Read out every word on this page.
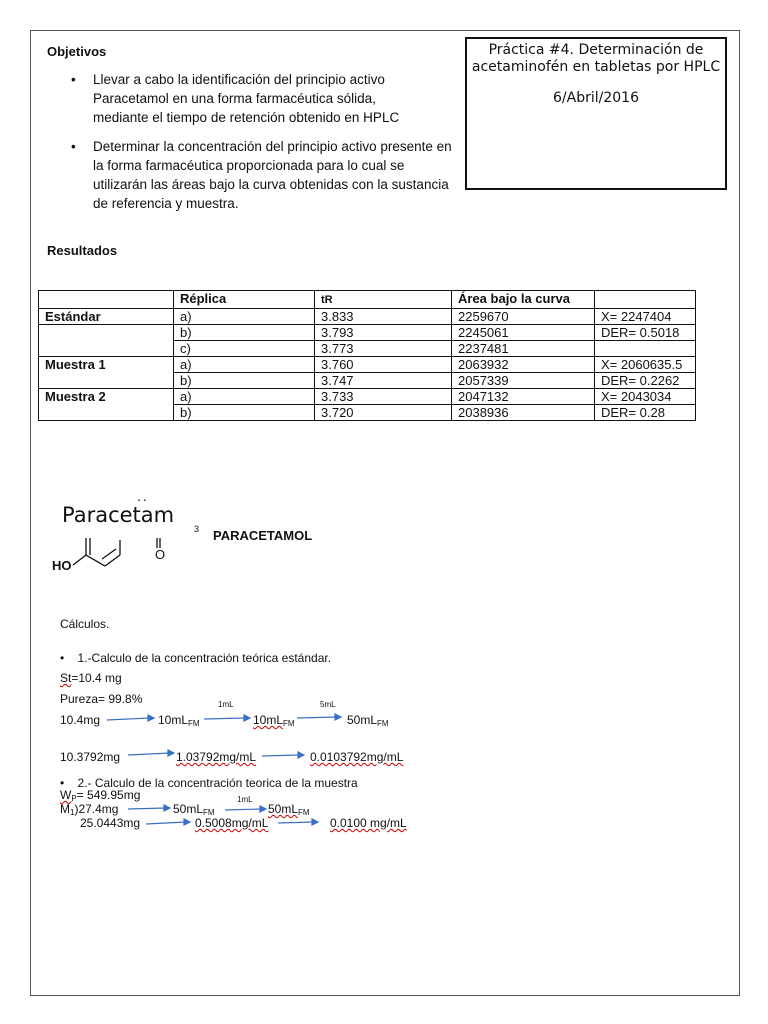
Práctica #4. Determinación de acetaminofén en tabletas por HPLC
6/Abril/2016
Objetivos
• Llevar a cabo la identificación del principio activo Paracetamol en una forma farmacéutica sólida, mediante el tiempo de retención obtenido en HPLC
• Determinar la concentración del principio activo presente en la forma farmacéutica proporcionada para lo cual se utilizarán las áreas bajo la curva obtenidas con la sustancia de referencia y muestra.
Resultados
	Réplica	tR	Área bajo la curva	
Estándar	a)	3.833	2259670	X= 2247404
	b)	3.793	2245061	DER= 0.5018
	c)	3.773	2237481	
Muestra 1	a)	3.760	2063932	X= 2060635.5
	b)	3.747	2057339	DER= 0.2262
Muestra 2	a)	3.733	2047132	X= 2043034
	b)	3.720	2038936	DER= 0.28
..
Paracetam
3 PARACETAMOL
HO
O
Cálculos.
•    1.-Calculo de la concentración teórica estándar.
St=10.4 mg
Pureza= 99.8%	1mL	5mL
10.4mg	$10mL_{FM}$	$10mL_{FM}$	$50mL_{FM}$
10.3792mg	1.03792mg/mL	0.0103792mg/mL
•    2.- Calculo de la concentración teorica de la muestra
$W_P= 549.95mg$	1mL
$M_1)27.4mg$	$50mL_{FM}$	$50mL_{FM}$
25.0443mg	0.5008mg/mL	0.0100 mg/mL
